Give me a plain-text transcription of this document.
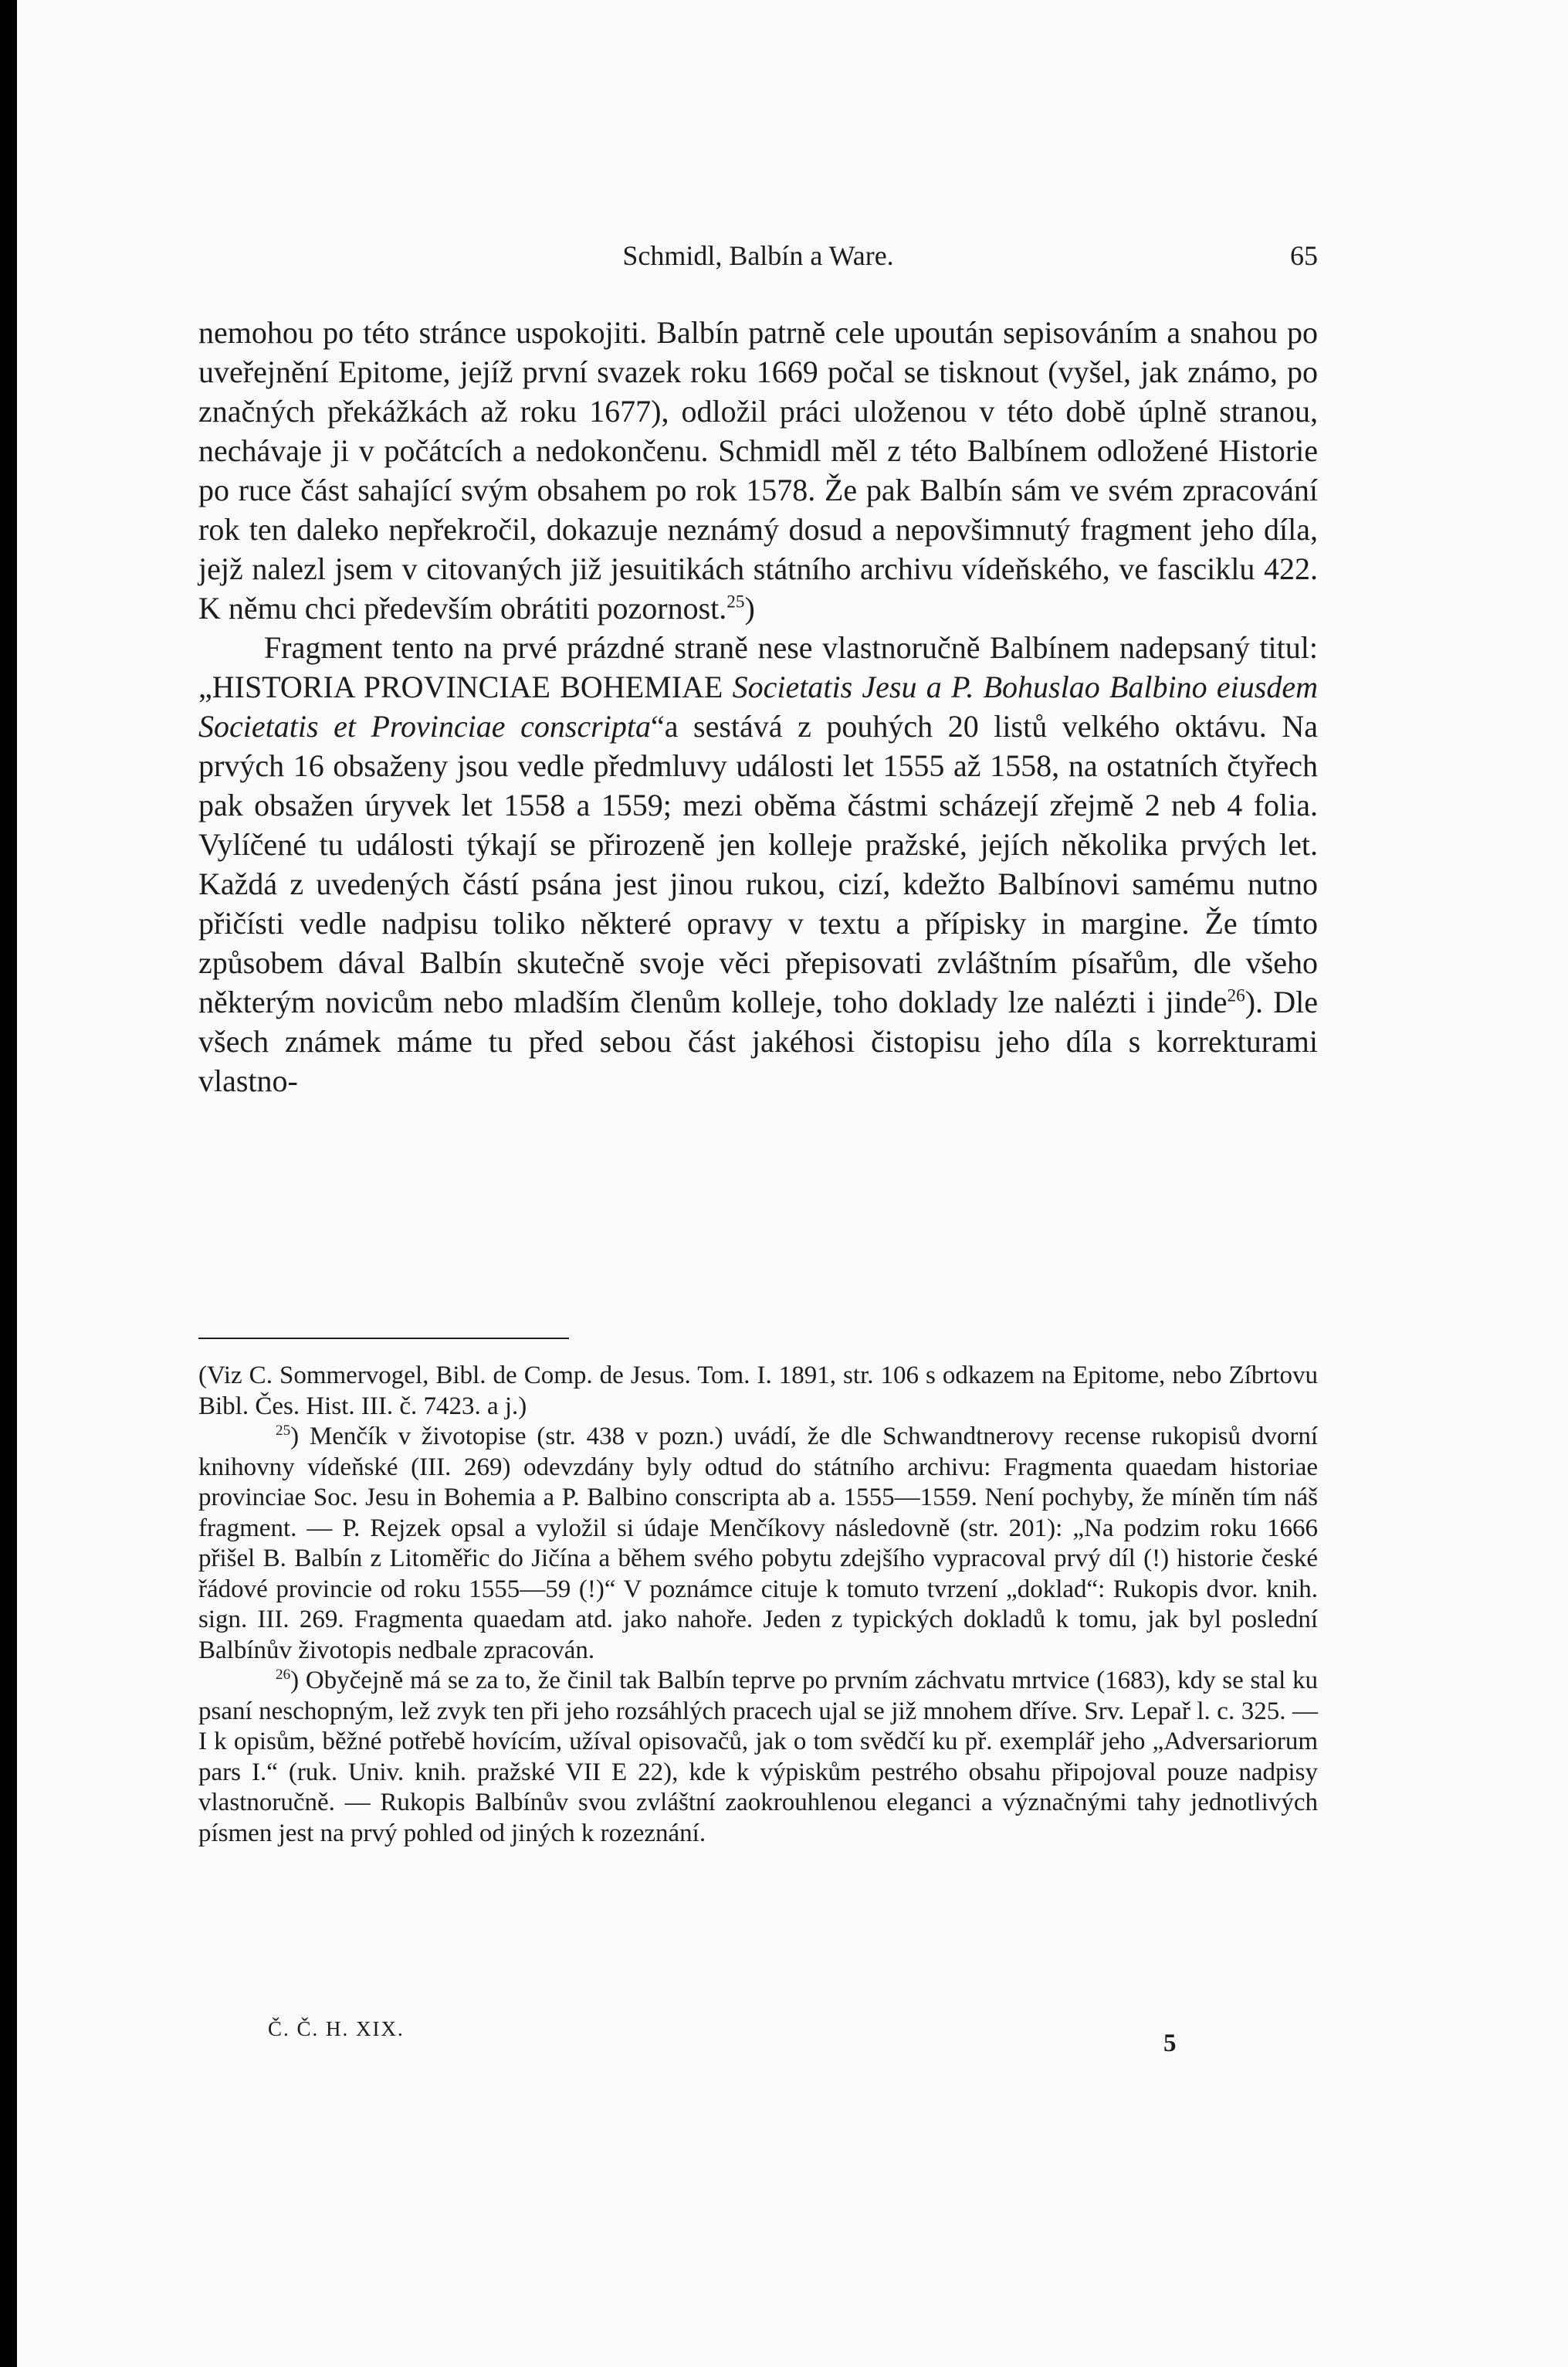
Schmidl, Balbín a Ware.	65

nemohou po této stránce uspokojiti. Balbín patrně cele upoután sepisováním a snahou po uveřejnění Epitome, jejíž první svazek roku 1669 počal se tisknout (vyšel, jak známo, po značných překážkách až roku 1677), odložil práci uloženou v této době úplně stranou, nechávaje ji v počátcích a nedokončenu. Schmidl měl z této Balbínem odložené Historie po ruce část sahající svým obsahem po rok 1578. Že pak Balbín sám ve svém zpracování rok ten daleko nepřekročil, dokazuje neznámý dosud a nepovšimnutý fragment jeho díla, jejž nalezl jsem v citovaných již jesuitikách státního archivu vídeňského, ve fasciklu 422. K němu chci především obrátiti pozornost.$^{25}$)

Fragment tento na prvé prázdné straně nese vlastnoručně Balbínem nadepsaný titul: „HISTORIA PROVINCIAE BOHEMIAE Societatis Jesu a P. Bohuslao Balbino eiusdem Societatis et Provinciae conscripta“a sestává z pouhých 20 listů velkého oktávu. Na prvých 16 obsaženy jsou vedle předmluvy události let 1555 až 1558, na ostatních čtyřech pak obsažen úryvek let 1558 a 1559; mezi oběma částmi scházejí zřejmě 2 neb 4 folia. Vylíčené tu události týkají se přirozeně jen kolleje pražské, jejích několika prvých let. Každá z uvedených částí psána jest jinou rukou, cizí, kdežto Balbínovi samému nutno přičísti vedle nadpisu toliko některé opravy v textu a přípisky in margine. Že tímto způsobem dával Balbín skutečně svoje věci přepisovati zvláštním písařům, dle všeho některým novicům nebo mladším členům kolleje, toho doklady lze nalézti i jinde$^{26}$). Dle všech známek máme tu před sebou část jakéhosi čistopisu jeho díla s korrekturami vlastno-

(Viz C. Sommervogel, Bibl. de Comp. de Jesus. Tom. I. 1891, str. 106 s odkazem na Epitome, nebo Zíbrtovu Bibl. Čes. Hist. III. č. 7423. a j.)

$^{25}$) Menčík v životopise (str. 438 v pozn.) uvádí, že dle Schwandtnerovy recense rukopisů dvorní knihovny vídeňské (III. 269) odevzdány byly odtud do státního archivu: Fragmenta quaedam historiae provinciae Soc. Jesu in Bohemia a P. Balbino conscripta ab a. 1555—1559. Není pochyby, že míněn tím náš fragment. — P. Rejzek opsal a vyložil si údaje Menčíkovy následovně (str. 201): „Na podzim roku 1666 přišel B. Balbín z Litoměřic do Jičína a během svého pobytu zdejšího vypracoval prvý díl (!) historie české řádové provincie od roku 1555—59 (!)“ V poznámce cituje k tomuto tvrzení „doklad“: Rukopis dvor. knih. sign. III. 269. Fragmenta quaedam atd. jako nahoře. Jeden z typických dokladů k tomu, jak byl poslední Balbínův životopis nedbale zpracován.

$^{26}$) Obyčejně má se za to, že činil tak Balbín teprve po prvním záchvatu mrtvice (1683), kdy se stal ku psaní neschopným, lež zvyk ten při jeho rozsáhlých pracech ujal se již mnohem dříve. Srv. Lepař l. c. 325. — I k opisům, běžné potřebě hovícím, užíval opisovačů, jak o tom svědčí ku př. exemplář jeho „Adversariorum pars I.“ (ruk. Univ. knih. pražské VII E 22), kde k výpiskům pestrého obsahu připojoval pouze nadpisy vlastnoručně. — Rukopis Balbínův svou zvláštní zaokrouhlenou eleganci a význačnými tahy jednotlivých písmen jest na prvý pohled od jiných k rozeznání.

Č. Č. H. XIX.
5
